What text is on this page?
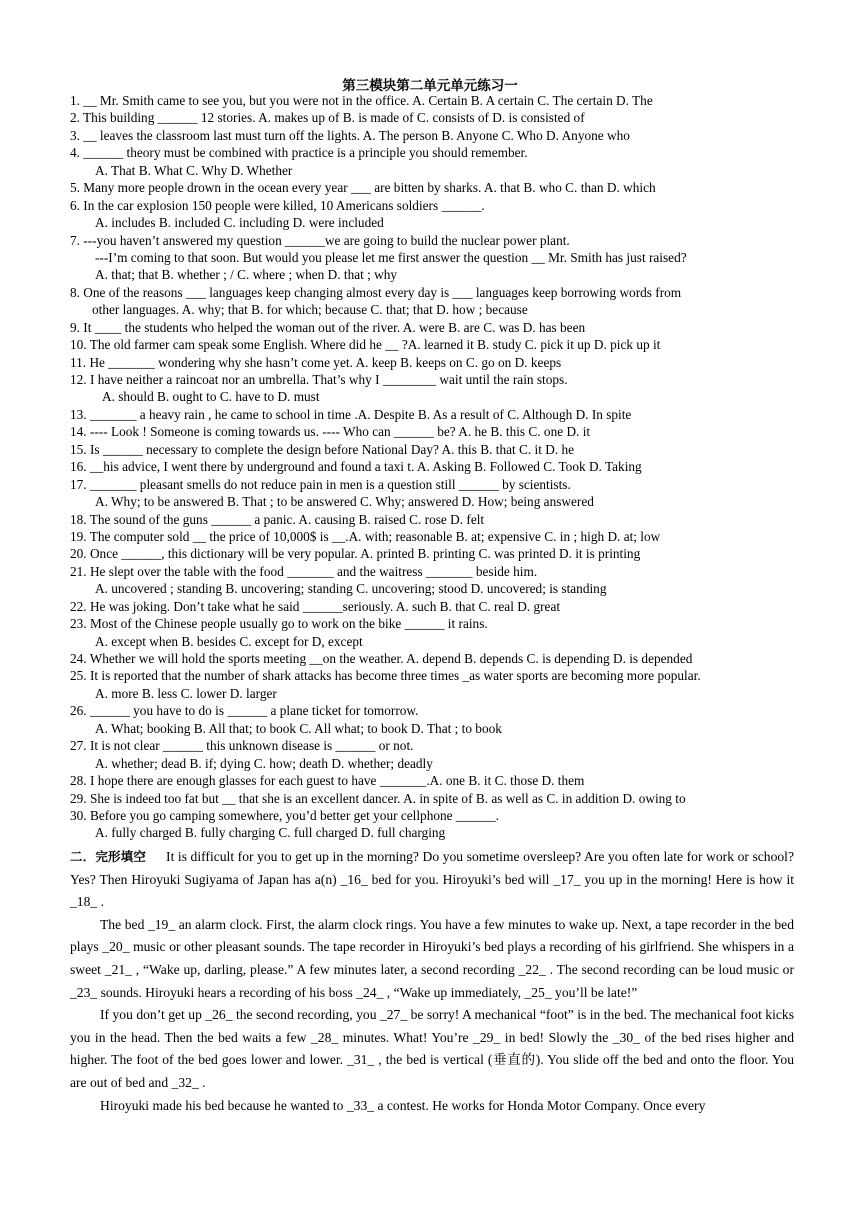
第三模块第二单元单元练习一
1. __ Mr. Smith came to see you, but you were not in the office. A. Certain B. A certain C. The certain D. The
2. This building ______ 12 stories. A. makes up of B. is made of C. consists of D. is consisted of
3. __ leaves the classroom last must turn off the lights. A. The person B. Anyone C. Who D. Anyone who
4. ______ theory must be combined with practice is a principle you should remember.
A. That B. What C. Why D. Whether
5. Many more people drown in the ocean every year ___ are bitten by sharks. A. that B. who C. than D. which
6. In the car explosion 150 people were killed, 10 Americans soldiers ______.
A. includes B. included C. including D. were included
7. ---you haven’t answered my question ______we are going to build the nuclear power plant.
---I’m coming to that soon. But would you please let me first answer the question __ Mr. Smith has just raised?
A. that; that B. whether ; / C. where ; when D. that ; why
8. One of the reasons ___ languages keep changing almost every day is ___ languages keep borrowing words from
other languages. A. why; that B. for which; because C. that; that D. how ; because
9. It ____ the students who helped the woman out of the river. A. were B. are C. was D. has been
10. The old farmer cam speak some English. Where did he __ ?A. learned it B. study C. pick it up D. pick up it
11. He _______ wondering why she hasn’t come yet. A. keep B. keeps on C. go on D. keeps
12. I have neither a raincoat nor an umbrella. That’s why I ________ wait until the rain stops.
A. should B. ought to C. have to D. must
13. _______ a heavy rain , he came to school in time .A. Despite B. As a result of C. Although D. In spite
14. ---- Look ! Someone is coming towards us. ---- Who can ______ be? A. he B. this C. one D. it
15. Is ______ necessary to complete the design before National Day? A. this B. that C. it D. he
16. __his advice, I went there by underground and found a taxi t. A. Asking B. Followed C. Took D. Taking
17. _______ pleasant smells do not reduce pain in men is a question still ______ by scientists.
A. Why; to be answered B. That ; to be answered C. Why; answered D. How; being answered
18. The sound of the guns ______ a panic. A. causing B. raised C. rose D. felt
19. The computer sold __ the price of 10,000$ is __.A. with; reasonable B. at; expensive C. in ; high D. at; low
20. Once ______, this dictionary will be very popular. A. printed B. printing C. was printed D. it is printing
21. He slept over the table with the food _______ and the waitress _______ beside him.
A. uncovered ; standing B. uncovering; standing C. uncovering; stood D. uncovered; is standing
22. He was joking. Don’t take what he said ______seriously. A. such B. that C. real D. great
23. Most of the Chinese people usually go to work on the bike ______ it rains.
A. except when B. besides C. except for D, except
24. Whether we will hold the sports meeting __on the weather. A. depend B. depends C. is depending D. is depended
25. It is reported that the number of shark attacks has become three times _as water sports are becoming more popular.
A. more B. less C. lower D. larger
26. ______ you have to do is ______ a plane ticket for tomorrow.
A. What; booking B. All that; to book C. All what; to book D. That ; to book
27. It is not clear ______ this unknown disease is ______ or not.
A. whether; dead B. if; dying C. how; death D. whether; deadly
28. I hope there are enough glasses for each guest to have _______.A. one B. it C. those D. them
29. She is indeed too fat but __ that she is an excellent dancer. A. in spite of B. as well as C. in addition D. owing to
30. Before you go camping somewhere, you’d better get your cellphone ______.
A. fully charged B. fully charging C. full charged D. full charging

二．完形填空 It is difficult for you to get up in the morning? Do you sometime oversleep? Are you often late for work or school? Yes? Then Hiroyuki Sugiyama of Japan has a(n) _16_ bed for you. Hiroyuki’s bed will _17_ you up in the morning! Here is how it _18_ .

The bed _19_ an alarm clock. First, the alarm clock rings. You have a few minutes to wake up. Next, a tape recorder in the bed plays _20_ music or other pleasant sounds. The tape recorder in Hiroyuki’s bed plays a recording of his girlfriend. She whispers in a sweet _21_ , “Wake up, darling, please.” A few minutes later, a second recording _22_ . The second recording can be loud music or _23_ sounds. Hiroyuki hears a recording of his boss _24_ , “Wake up immediately, _25_ you’ll be late!”

If you don’t get up _26_ the second recording, you _27_ be sorry! A mechanical “foot” is in the bed. The mechanical foot kicks you in the head. Then the bed waits a few _28_ minutes. What! You’re _29_ in bed! Slowly the _30_ of the bed rises higher and higher. The foot of the bed goes lower and lower. _31_ , the bed is vertical (垂直的). You slide off the bed and onto the floor. You are out of bed and _32_ .

Hiroyuki made his bed because he wanted to _33_ a contest. He works for Honda Motor Company. Once every
